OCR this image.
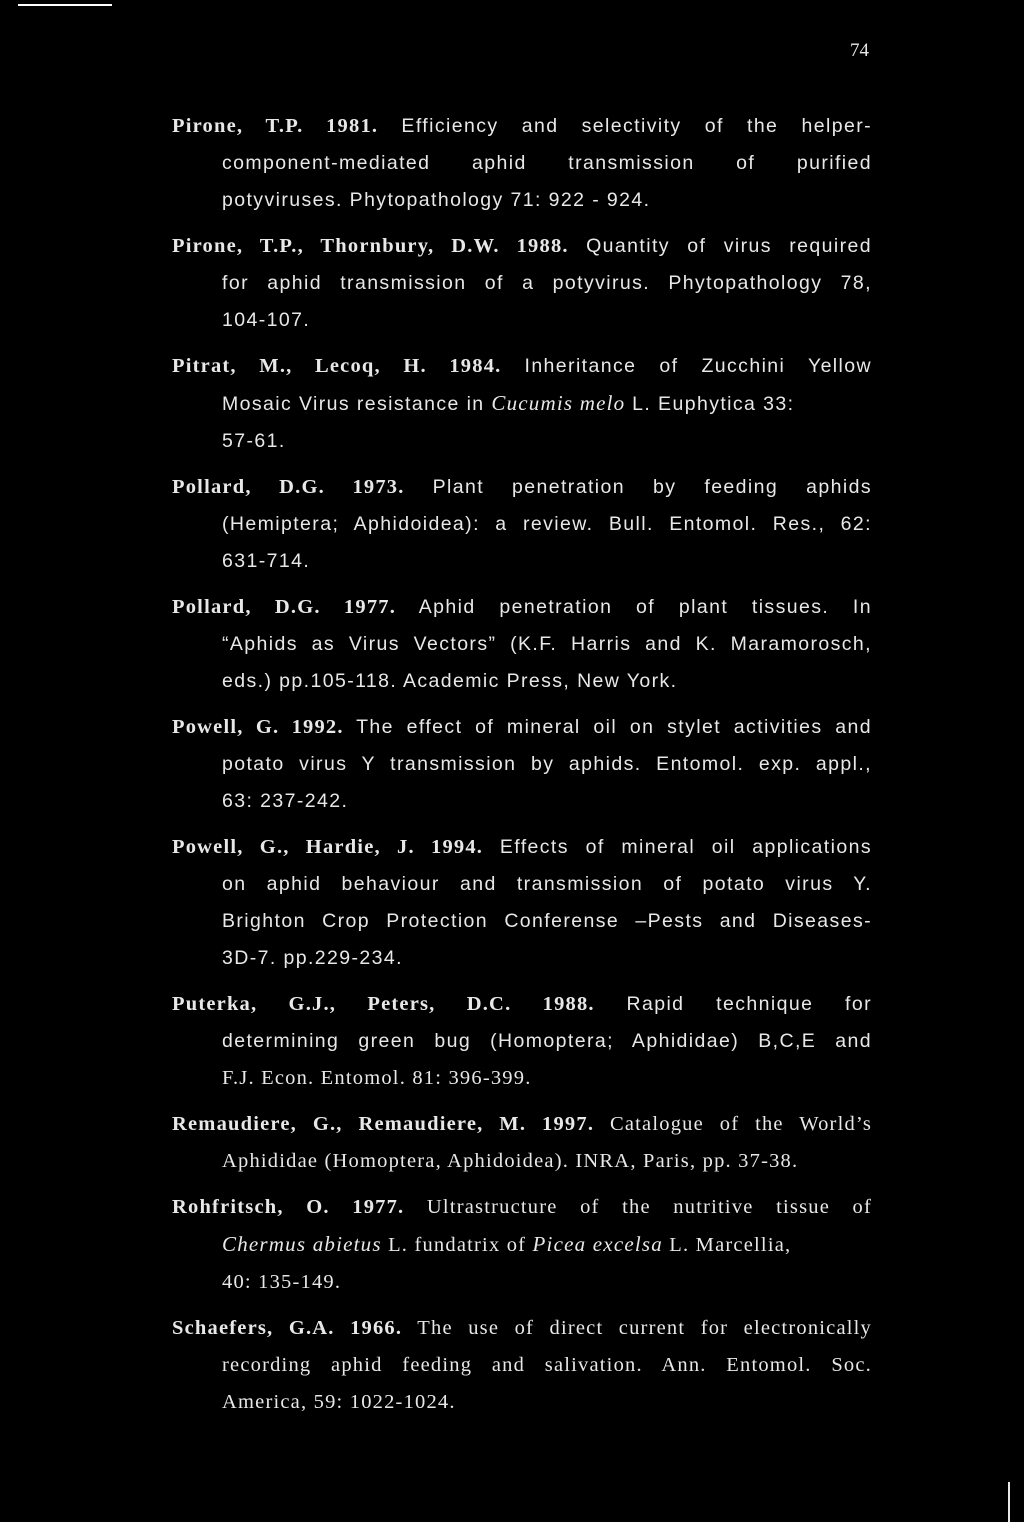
74
Pirone, T.P. 1981. Efficiency and selectivity of the helper-
component-mediated aphid transmission of purified
potyviruses. Phytopathology 71: 922 - 924.
Pirone, T.P., Thornbury, D.W. 1988. Quantity of virus required
for aphid transmission of a potyvirus. Phytopathology 78,
104-107.
Pitrat, M., Lecoq, H. 1984. Inheritance of Zucchini Yellow
Mosaic Virus resistance in Cucumis melo L. Euphytica 33:
57-61.
Pollard, D.G. 1973. Plant penetration by feeding aphids
(Hemiptera; Aphidoidea): a review. Bull. Entomol. Res., 62:
631-714.
Pollard, D.G. 1977. Aphid penetration of plant tissues. In
“Aphids as Virus Vectors” (K.F. Harris and K. Maramorosch,
eds.) pp.105-118. Academic Press, New York.
Powell, G. 1992. The effect of mineral oil on stylet activities and
potato virus Y transmission by aphids. Entomol. exp. appl.,
63: 237-242.
Powell, G., Hardie, J. 1994. Effects of mineral oil applications
on aphid behaviour and transmission of potato virus Y.
Brighton Crop Protection Conferense –Pests and Diseases-
3D-7. pp.229-234.
Puterka, G.J., Peters, D.C. 1988. Rapid technique for
determining green bug (Homoptera; Aphididae) B,C,E and
F.J. Econ. Entomol. 81: 396-399.
Remaudiere, G., Remaudiere, M. 1997. Catalogue of the World’s
Aphididae (Homoptera, Aphidoidea). INRA, Paris, pp. 37-38.
Rohfritsch, O. 1977. Ultrastructure of the nutritive tissue of
Chermus abietus L. fundatrix of Picea excelsa L. Marcellia,
40: 135-149.
Schaefers, G.A. 1966. The use of direct current for electronically
recording aphid feeding and salivation. Ann. Entomol. Soc.
America, 59: 1022-1024.
